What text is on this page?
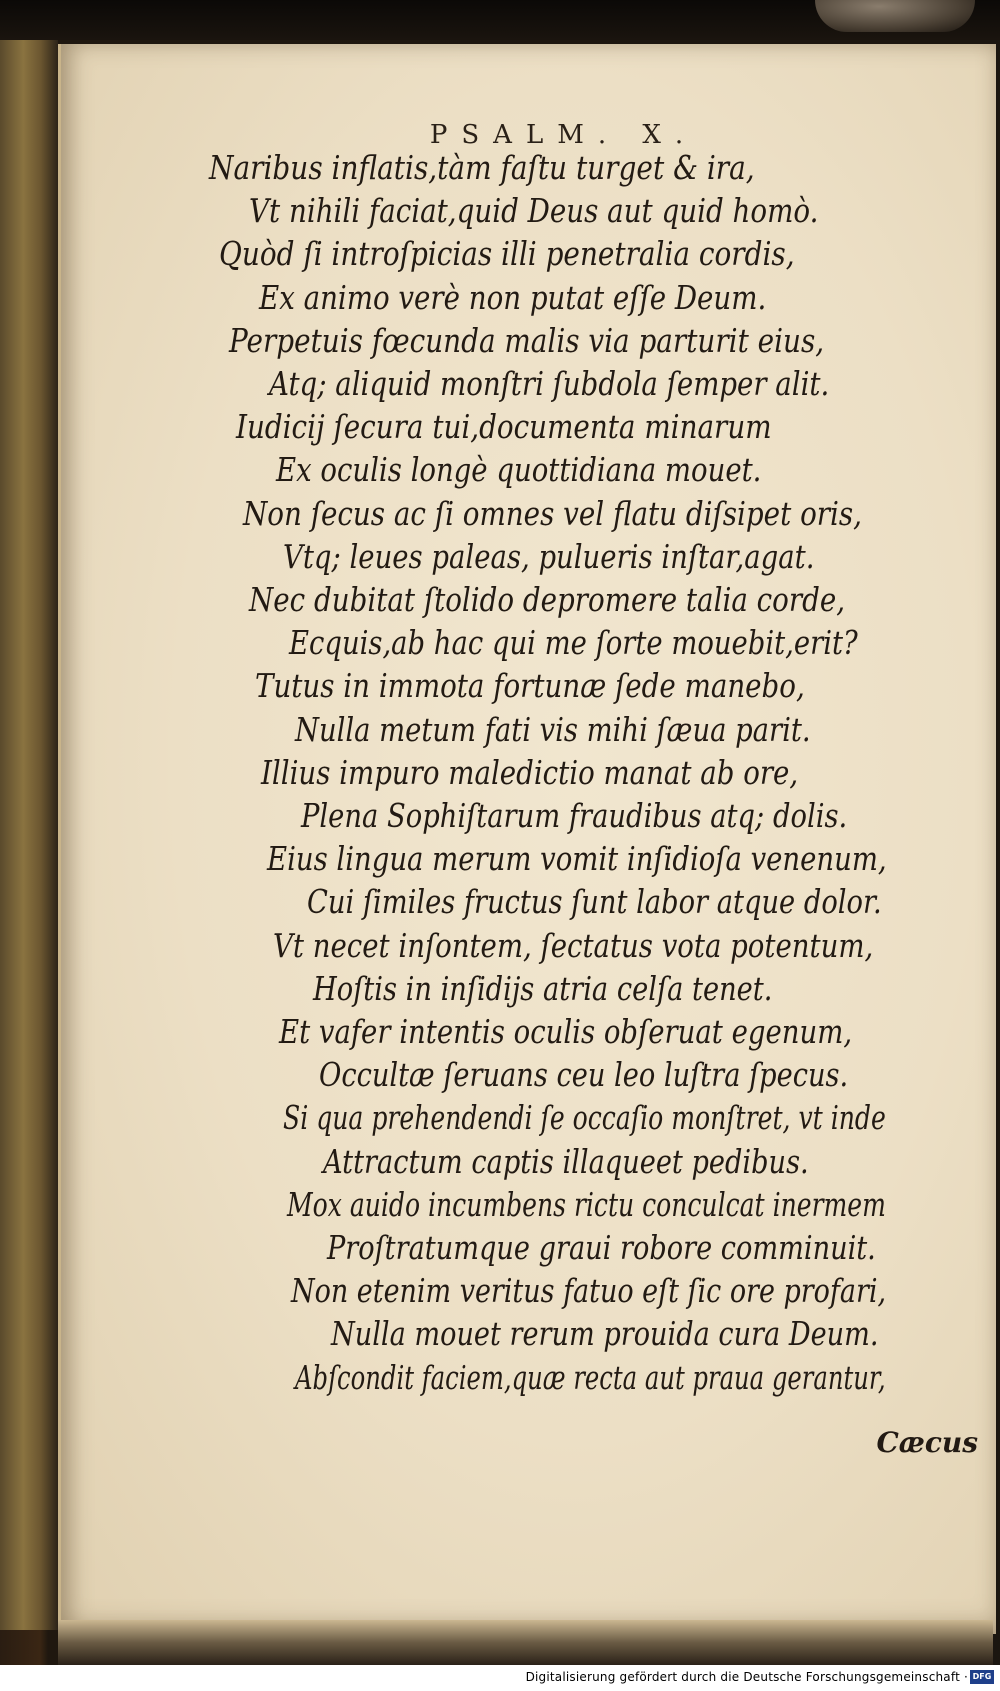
PSALM. X.
Naribus inflatis,tàm faſtu turget & ira,
Vt nihili faciat,quid Deus aut quid homò.
Quòd ſi introſpicias illi penetralia cordis,
Ex animo verè non putat eſſe Deum.
Perpetuis fœcunda malis via parturit eius,
Atq; aliquid monſtri ſubdola ſemper alit.
Iudicij ſecura tui,documenta minarum
Ex oculis longè quottidiana mouet.
Non ſecus ac ſi omnes vel flatu diſsipet oris,
Vtq; leues paleas, pulueris inſtar,agat.
Nec dubitat ſtolido depromere talia corde,
Ecquis,ab hac qui me ſorte mouebit,erit?
Tutus in immota fortunæ ſede manebo,
Nulla metum fati vis mihi ſæua parit.
Illius impuro maledictio manat ab ore,
Plena Sophiſtarum fraudibus atq; dolis.
Eius lingua merum vomit inſidioſa venenum,
Cui ſimiles fructus ſunt labor atque dolor.
Vt necet inſontem, ſectatus vota potentum,
Hoſtis in inſidijs atria celſa tenet.
Et vafer intentis oculis obſeruat egenum,
Occultæ ſeruans ceu leo luſtra ſpecus.
Si qua prehendendi ſe occaſio monſtret, vt inde
Attractum captis illaqueet pedibus.
Mox auido incumbens rictu conculcat inermem
Proſtratumque graui robore comminuit.
Non etenim veritus fatuo eſt ſic ore profari,
Nulla mouet rerum prouida cura Deum.
Abſcondit faciem,quæ recta aut praua gerantur,
Cæcus
Digitalisierung gefördert durch die Deutsche Forschungsgemeinschaft · DFG
